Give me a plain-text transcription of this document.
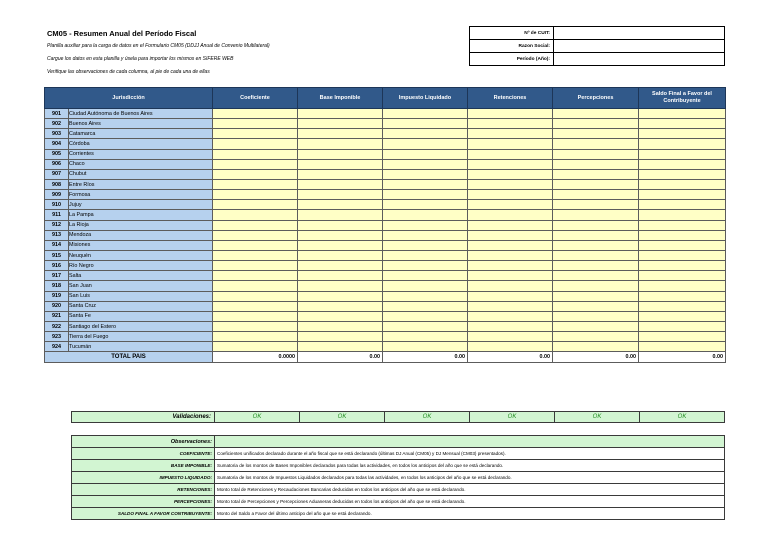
CM05 - Resumen Anual del Período Fiscal
Planilla auxiliar para la carga de datos en el Formulario CM05 (DDJJ Anual de Convenio Multilateral)
Cargue los datos en esta planilla y úsela para importar los mismos en SIFERE WEB
Verifique las observaciones de cada columna, al pie de cada una de ellas
Nº de CUIT:	
Razon Social:	
Período (Año):	
Jurisdicción		Coeficiente	Base Imponible	Impuesto Liquidado	Retenciones	Percepciones	Saldo Final a Favor del Contribuyente
901	Ciudad Autónoma de Buenos Aires						
902	Buenos Aires						
903	Catamarca						
904	Córdoba						
905	Corrientes						
906	Chaco						
907	Chubut						
908	Entre Ríos						
909	Formosa						
910	Jujuy						
911	La Pampa						
912	La Rioja						
913	Mendoza						
914	Misiones						
915	Neuquén						
916	Río Negro						
917	Salta						
918	San Juan						
919	San Luis						
920	Santa Cruz						
921	Santa Fe						
922	Santiago del Estero						
923	Tierra del Fuego						
924	Tucumán						
TOTAL PAIS		0.0000	0.00	0.00	0.00	0.00	0.00
Validaciones:	OK	OK	OK	OK	OK	OK
Observaciones:	
COEFICIENTE:	Coeficientes unificados declarado durante el año fiscal que se está declarando (últimas DJ Anual (CM05) y DJ Mensual (CM03) presentados).
BASE IMPONIBLE:	Sumatoria de los montos de Bases Imponibles declarados para todas las actividades, en todos los anticipos del año que se está declarando.
IMPUESTO LIQUIDADO:	Sumatoria de los montos de Impuestos Liquidados declarados para todas las actividades, en todos los anticipos del año que se está declarando.
RETENCIONES:	Monto total de Retenciones y Recaudaciones Bancarias deducidas en todos los anticipos del año que se está declarando.
PERCEPCIONES:	Monto total de Percepciones y Percepciones Aduaneras deducidas en todos los anticipos del año que se está declarando.
SALDO FINAL A FAVOR CONTRIBUYENTE:	Monto del Saldo a Favor del último anticipo del año que se está declarando.
